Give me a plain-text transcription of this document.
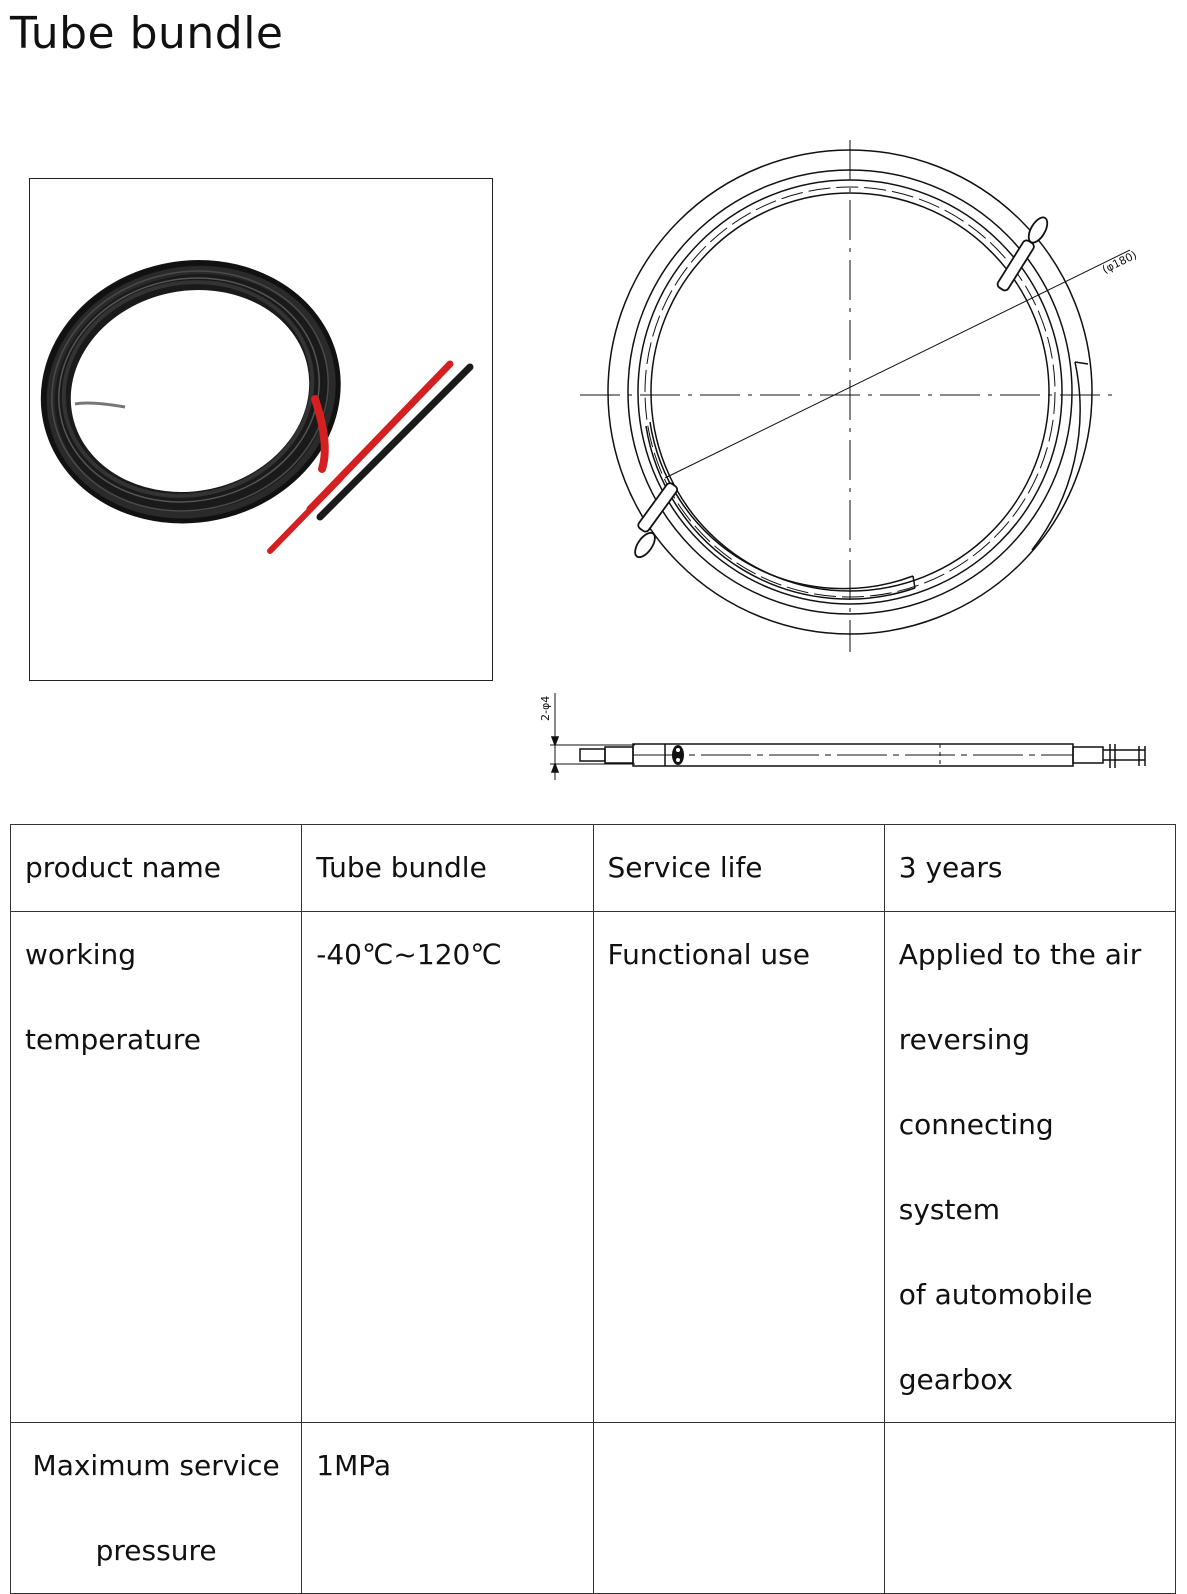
Tube bundle
(φ180)
2-φ4
product name	Tube bundle	Service life	3 years

working
temperature	-40℃~120℃	Functional use	Applied to the air
reversing
connecting system
of automobile
gearbox

Maximum service
pressure	1MPa		
